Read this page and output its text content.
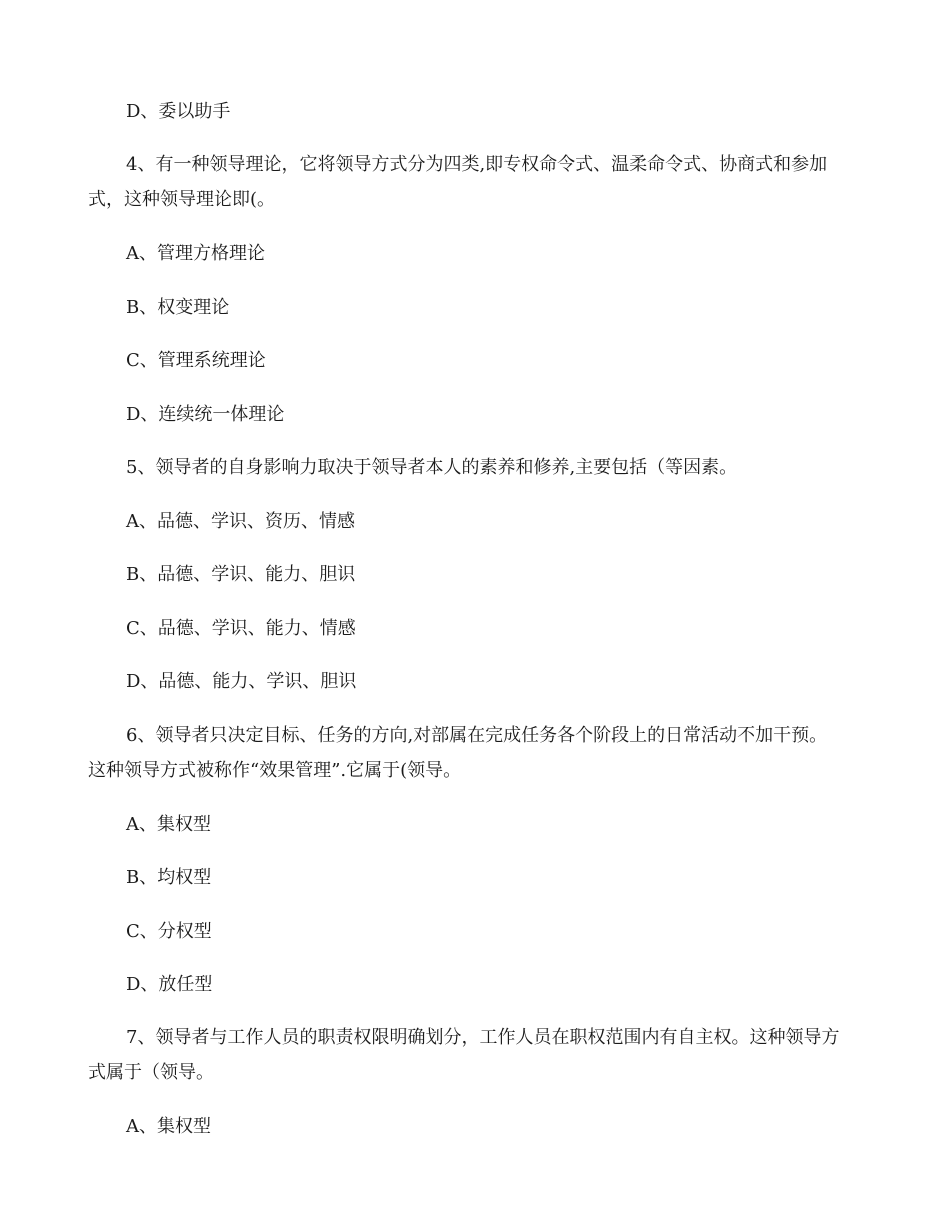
D、委以助手
4、有一种领导理论，它将领导方式分为四类,即专权命令式、温柔命令式、协商式和参加
式，这种领导理论即(。
A、管理方格理论
B、权变理论
C、管理系统理论
D、连续统一体理论
5、领导者的自身影响力取决于领导者本人的素养和修养,主要包括（等因素。
A、品德、学识、资历、情感
B、品德、学识、能力、胆识
C、品德、学识、能力、情感
D、品德、能力、学识、胆识
6、领导者只决定目标、任务的方向,对部属在完成任务各个阶段上的日常活动不加干预。
这种领导方式被称作“效果管理”.它属于(领导。
A、集权型
B、均权型
C、分权型
D、放任型
7、领导者与工作人员的职责权限明确划分，工作人员在职权范围内有自主权。这种领导方
式属于（领导。
A、集权型
